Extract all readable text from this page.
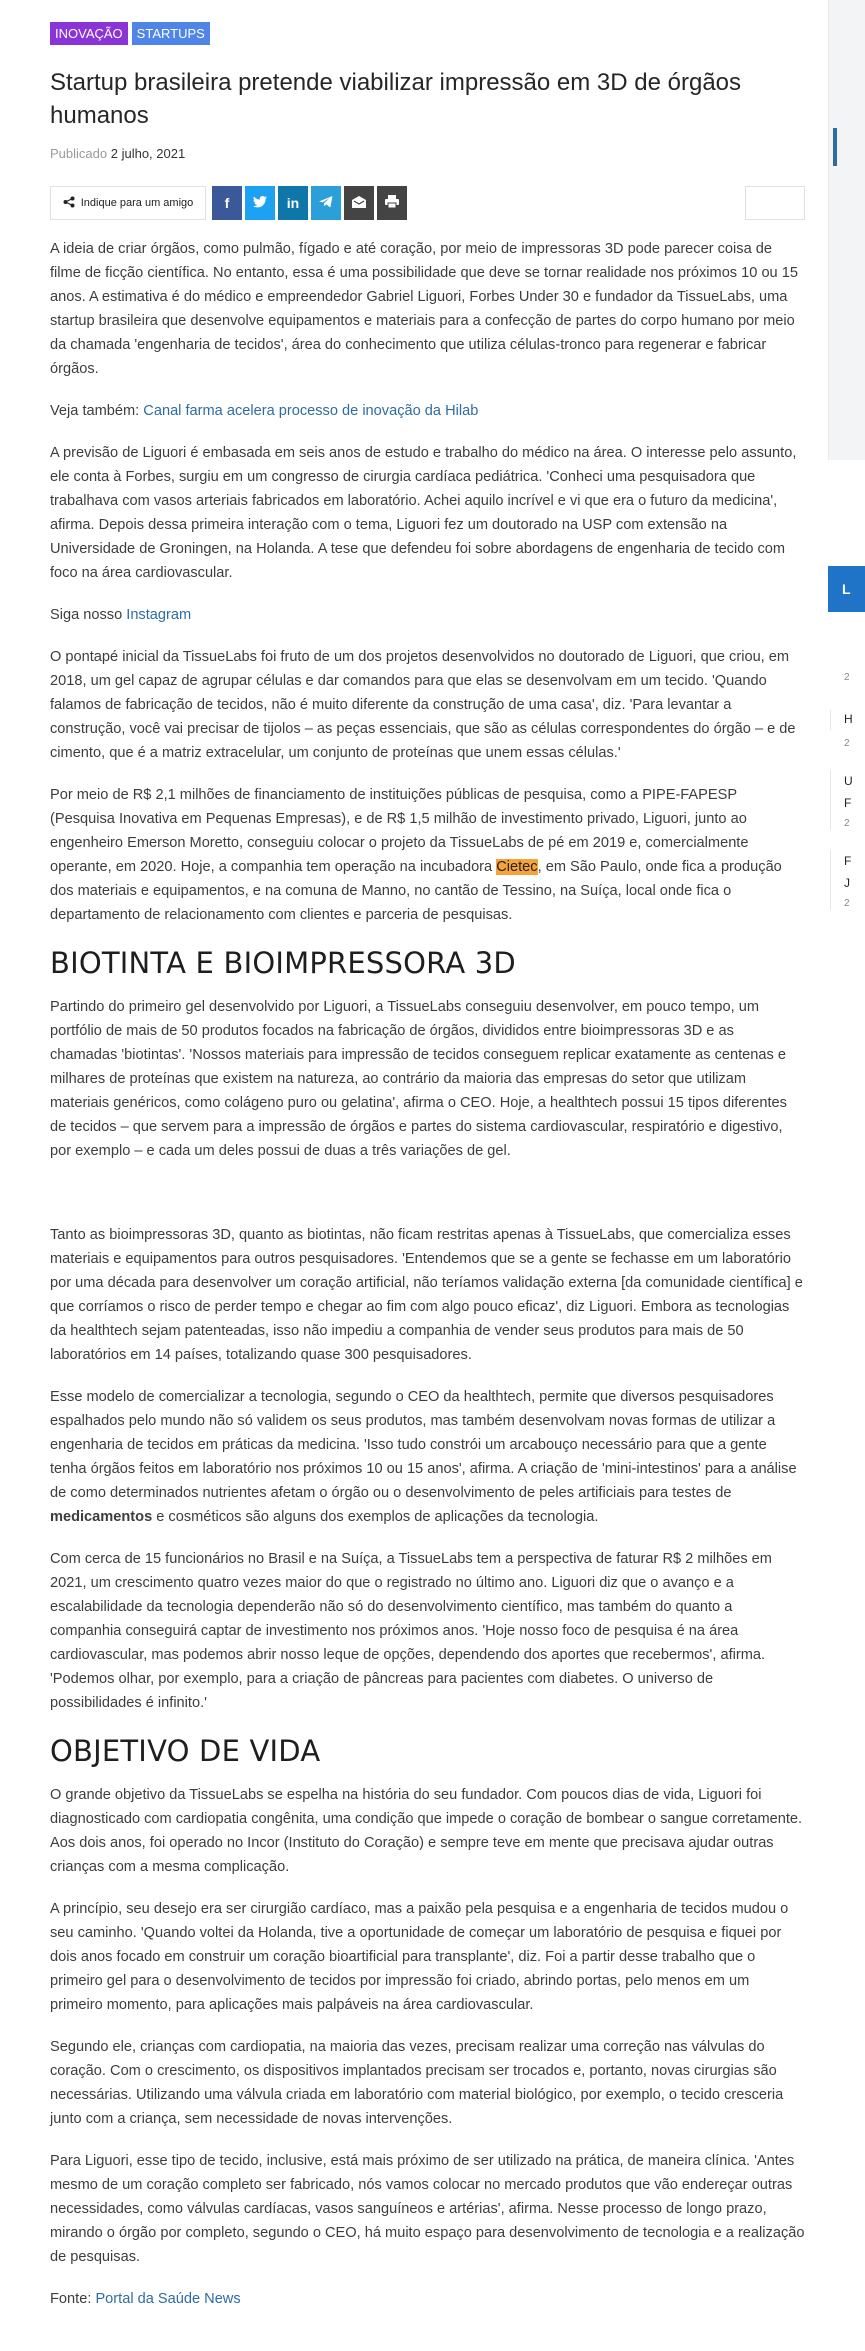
INOVAÇÃO	STARTUPS
Startup brasileira pretende viabilizar impressão em 3D de órgãos humanos
Publicado 2 julho, 2021
Indique para um amigo f	in

A ideia de criar órgãos, como pulmão, fígado e até coração, por meio de impressoras 3D pode parecer coisa de filme de ficção científica. No entanto, essa é uma possibilidade que deve se tornar realidade nos próximos 10 ou 15 anos. A estimativa é do médico e empreendedor Gabriel Liguori, Forbes Under 30 e fundador da TissueLabs, uma startup brasileira que desenvolve equipamentos e materiais para a confecção de partes do corpo humano por meio da chamada 'engenharia de tecidos', área do conhecimento que utiliza células-tronco para regenerar e fabricar órgãos.

Veja também: Canal farma acelera processo de inovação da Hilab

A previsão de Liguori é embasada em seis anos de estudo e trabalho do médico na área. O interesse pelo assunto, ele conta à Forbes, surgiu em um congresso de cirurgia cardíaca pediátrica. 'Conheci uma pesquisadora que trabalhava com vasos arteriais fabricados em laboratório. Achei aquilo incrível e vi que era o futuro da medicina', afirma. Depois dessa primeira interação com o tema, Liguori fez um doutorado na USP com extensão na Universidade de Groningen, na Holanda. A tese que defendeu foi sobre abordagens de engenharia de tecido com foco na área cardiovascular.

Siga nosso Instagram

O pontapé inicial da TissueLabs foi fruto de um dos projetos desenvolvidos no doutorado de Liguori, que criou, em 2018, um gel capaz de agrupar células e dar comandos para que elas se desenvolvam em um tecido. 'Quando falamos de fabricação de tecidos, não é muito diferente da construção de uma casa', diz. 'Para levantar a construção, você vai precisar de tijolos – as peças essenciais, que são as células correspondentes do órgão – e de cimento, que é a matriz extracelular, um conjunto de proteínas que unem essas células.'

Por meio de R$ 2,1 milhões de financiamento de instituições públicas de pesquisa, como a PIPE-FAPESP (Pesquisa Inovativa em Pequenas Empresas), e de R$ 1,5 milhão de investimento privado, Liguori, junto ao engenheiro Emerson Moretto, conseguiu colocar o projeto da TissueLabs de pé em 2019 e, comercialmente operante, em 2020. Hoje, a companhia tem operação na incubadora Cietec, em São Paulo, onde fica a produção dos materiais e equipamentos, e na comuna de Manno, no cantão de Tessino, na Suíça, local onde fica o departamento de relacionamento com clientes e parceria de pesquisas.

BIOTINTA E BIOIMPRESSORA 3D

Partindo do primeiro gel desenvolvido por Liguori, a TissueLabs conseguiu desenvolver, em pouco tempo, um portfólio de mais de 50 produtos focados na fabricação de órgãos, divididos entre bioimpressoras 3D e as chamadas 'biotintas'. 'Nossos materiais para impressão de tecidos conseguem replicar exatamente as centenas e milhares de proteínas que existem na natureza, ao contrário da maioria das empresas do setor que utilizam materiais genéricos, como colágeno puro ou gelatina', afirma o CEO. Hoje, a healthtech possui 15 tipos diferentes de tecidos – que servem para a impressão de órgãos e partes do sistema cardiovascular, respiratório e digestivo, por exemplo – e cada um deles possui de duas a três variações de gel.

Tanto as bioimpressoras 3D, quanto as biotintas, não ficam restritas apenas à TissueLabs, que comercializa esses materiais e equipamentos para outros pesquisadores. 'Entendemos que se a gente se fechasse em um laboratório por uma década para desenvolver um coração artificial, não teríamos validação externa [da comunidade científica] e que corríamos o risco de perder tempo e chegar ao fim com algo pouco eficaz', diz Liguori. Embora as tecnologias da healthtech sejam patenteadas, isso não impediu a companhia de vender seus produtos para mais de 50 laboratórios em 14 países, totalizando quase 300 pesquisadores.

Esse modelo de comercializar a tecnologia, segundo o CEO da healthtech, permite que diversos pesquisadores espalhados pelo mundo não só validem os seus produtos, mas também desenvolvam novas formas de utilizar a engenharia de tecidos em práticas da medicina. 'Isso tudo constrói um arcabouço necessário para que a gente tenha órgãos feitos em laboratório nos próximos 10 ou 15 anos', afirma. A criação de 'mini-intestinos' para a análise de como determinados nutrientes afetam o órgão ou o desenvolvimento de peles artificiais para testes de medicamentos e cosméticos são alguns dos exemplos de aplicações da tecnologia.

Com cerca de 15 funcionários no Brasil e na Suíça, a TissueLabs tem a perspectiva de faturar R$ 2 milhões em 2021, um crescimento quatro vezes maior do que o registrado no último ano. Liguori diz que o avanço e a escalabilidade da tecnologia dependerão não só do desenvolvimento científico, mas também do quanto a companhia conseguirá captar de investimento nos próximos anos. 'Hoje nosso foco de pesquisa é na área cardiovascular, mas podemos abrir nosso leque de opções, dependendo dos aportes que recebermos', afirma. 'Podemos olhar, por exemplo, para a criação de pâncreas para pacientes com diabetes. O universo de possibilidades é infinito.'

OBJETIVO DE VIDA

O grande objetivo da TissueLabs se espelha na história do seu fundador. Com poucos dias de vida, Liguori foi diagnosticado com cardiopatia congênita, uma condição que impede o coração de bombear o sangue corretamente. Aos dois anos, foi operado no Incor (Instituto do Coração) e sempre teve em mente que precisava ajudar outras crianças com a mesma complicação.

A princípio, seu desejo era ser cirurgião cardíaco, mas a paixão pela pesquisa e a engenharia de tecidos mudou o seu caminho. 'Quando voltei da Holanda, tive a oportunidade de começar um laboratório de pesquisa e fiquei por dois anos focado em construir um coração bioartificial para transplante', diz. Foi a partir desse trabalho que o primeiro gel para o desenvolvimento de tecidos por impressão foi criado, abrindo portas, pelo menos em um primeiro momento, para aplicações mais palpáveis na área cardiovascular.

Segundo ele, crianças com cardiopatia, na maioria das vezes, precisam realizar uma correção nas válvulas do coração. Com o crescimento, os dispositivos implantados precisam ser trocados e, portanto, novas cirurgias são necessárias. Utilizando uma válvula criada em laboratório com material biológico, por exemplo, o tecido cresceria junto com a criança, sem necessidade de novas intervenções.

Para Liguori, esse tipo de tecido, inclusive, está mais próximo de ser utilizado na prática, de maneira clínica. 'Antes mesmo de um coração completo ser fabricado, nós vamos colocar no mercado produtos que vão endereçar outras necessidades, como válvulas cardíacas, vasos sanguíneos e artérias', afirma. Nesse processo de longo prazo, mirando o órgão por completo, segundo o CEO, há muito espaço para desenvolvimento de tecnologia e a realização de pesquisas.

Fonte: Portal da Saúde News

L
2
H
2
U
F
2
F
J
2
